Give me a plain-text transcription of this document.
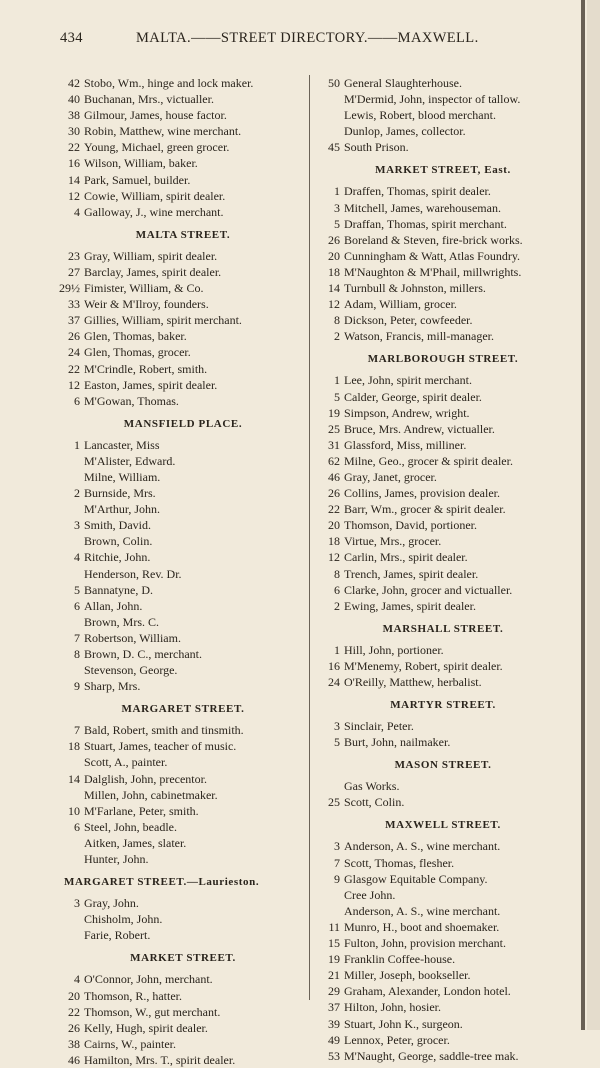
434	MALTA.——STREET DIRECTORY.——MAXWELL.
42 Stobo, Wm., hinge and lock maker.
40 Buchanan, Mrs., victualler.
38 Gilmour, James, house factor.
30 Robin, Matthew, wine merchant.
22 Young, Michael, green grocer.
16 Wilson, William, baker.
14 Park, Samuel, builder.
12 Cowie, William, spirit dealer.
4 Galloway, J., wine merchant.
MALTA STREET.
23 Gray, William, spirit dealer.
27 Barclay, James, spirit dealer.
29½ Fimister, William, & Co.
33 Weir & M'Ilroy, founders.
37 Gillies, William, spirit merchant.
26 Glen, Thomas, baker.
24 Glen, Thomas, grocer.
22 M'Crindle, Robert, smith.
12 Easton, James, spirit dealer.
6 M'Gowan, Thomas.
MANSFIELD PLACE.
1 Lancaster, Miss
M'Alister, Edward.
Milne, William.
2 Burnside, Mrs.
M'Arthur, John.
3 Smith, David.
Brown, Colin.
4 Ritchie, John.
Henderson, Rev. Dr.
5 Bannatyne, D.
6 Allan, John.
Brown, Mrs. C.
7 Robertson, William.
8 Brown, D. C., merchant.
Stevenson, George.
9 Sharp, Mrs.
MARGARET STREET.
7 Bald, Robert, smith and tinsmith.
18 Stuart, James, teacher of music.
Scott, A., painter.
14 Dalglish, John, precentor.
Millen, John, cabinetmaker.
10 M'Farlane, Peter, smith.
6 Steel, John, beadle.
Aitken, James, slater.
Hunter, John.
MARGARET STREET.—Laurieston.
3 Gray, John.
Chisholm, John.
Farie, Robert.
MARKET STREET.
4 O'Connor, John, merchant.
20 Thomson, R., hatter.
22 Thomson, W., gut merchant.
26 Kelly, Hugh, spirit dealer.
38 Cairns, W., painter.
46 Hamilton, Mrs. T., spirit dealer.
50 General Slaughterhouse.
M'Dermid, John, inspector of tallow.
Lewis, Robert, blood merchant.
Dunlop, James, collector.
45 South Prison.
MARKET STREET, East.
1 Draffen, Thomas, spirit dealer.
3 Mitchell, James, warehouseman.
5 Draffan, Thomas, spirit merchant.
26 Boreland & Steven, fire-brick works.
20 Cunningham & Watt, Atlas Foundry.
18 M'Naughton & M'Phail, millwrights.
14 Turnbull & Johnston, millers.
12 Adam, William, grocer.
8 Dickson, Peter, cowfeeder.
2 Watson, Francis, mill-manager.
MARLBOROUGH STREET.
1 Lee, John, spirit merchant.
5 Calder, George, spirit dealer.
19 Simpson, Andrew, wright.
25 Bruce, Mrs. Andrew, victualler.
31 Glassford, Miss, milliner.
62 Milne, Geo., grocer & spirit dealer.
46 Gray, Janet, grocer.
26 Collins, James, provision dealer.
22 Barr, Wm., grocer & spirit dealer.
20 Thomson, David, portioner.
18 Virtue, Mrs., grocer.
12 Carlin, Mrs., spirit dealer.
8 Trench, James, spirit dealer.
6 Clarke, John, grocer and victualler.
2 Ewing, James, spirit dealer.
MARSHALL STREET.
1 Hill, John, portioner.
16 M'Menemy, Robert, spirit dealer.
24 O'Reilly, Matthew, herbalist.
MARTYR STREET.
3 Sinclair, Peter.
5 Burt, John, nailmaker.
MASON STREET.
Gas Works.
25 Scott, Colin.
MAXWELL STREET.
3 Anderson, A. S., wine merchant.
7 Scott, Thomas, flesher.
9 Glasgow Equitable Company.
Cree John.
Anderson, A. S., wine merchant.
11 Munro, H., boot and shoemaker.
15 Fulton, John, provision merchant.
19 Franklin Coffee-house.
21 Miller, Joseph, bookseller.
29 Graham, Alexander, London hotel.
37 Hilton, John, hosier.
39 Stuart, John K., surgeon.
49 Lennox, Peter, grocer.
53 M'Naught, George, saddle-tree mak.
